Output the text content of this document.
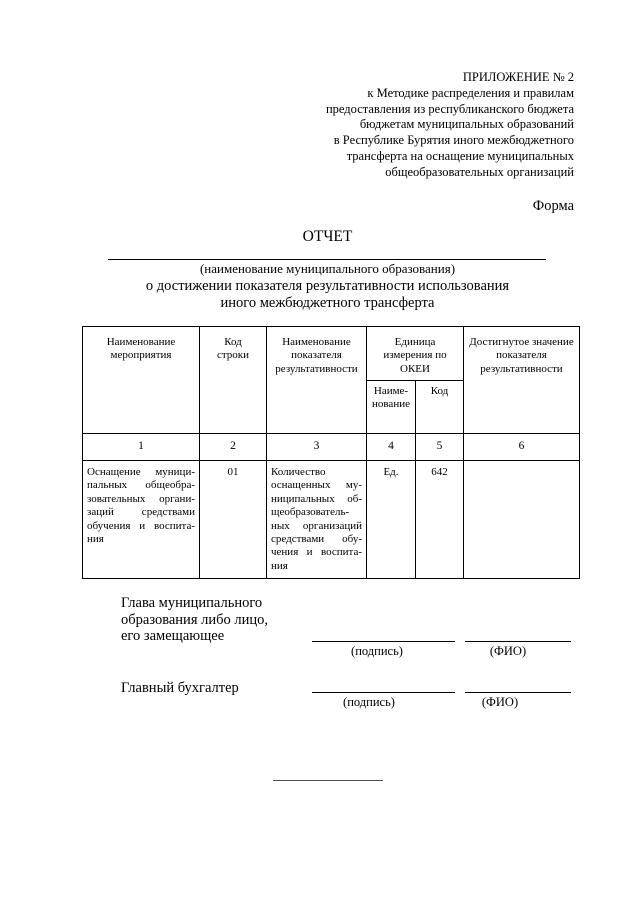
ПРИЛОЖЕНИЕ № 2
к Методике распределения и правилам
предоставления из республиканского бюджета
бюджетам муниципальных образований
в Республике Бурятия иного межбюджетного
трансферта на оснащение муниципальных
общеобразовательных организаций
Форма
ОТЧЕТ
(наименование муниципального образования)
о достижении показателя результативности использования
иного межбюджетного трансферта
Наименование мероприятия	Код строки	Наименование показателя результативности	Единица измерения по ОКЕИ		Достигнутое значение показателя результативности
			Наиме-нование	Код	
1	2	3	4	5	6
Оснащение муници-пальных общеобра-зовательных органи-заций средствами обучения и воспита-ния	01	Количество оснащенных му-ниципальных об-щеобразователь-ных организаций средствами обу-чения и воспита-ния	Ед.	642	
Глава муниципального
образования либо лицо,
его замещающее
(подпись)	(ФИО)
Главный бухгалтер
(подпись)	(ФИО)
